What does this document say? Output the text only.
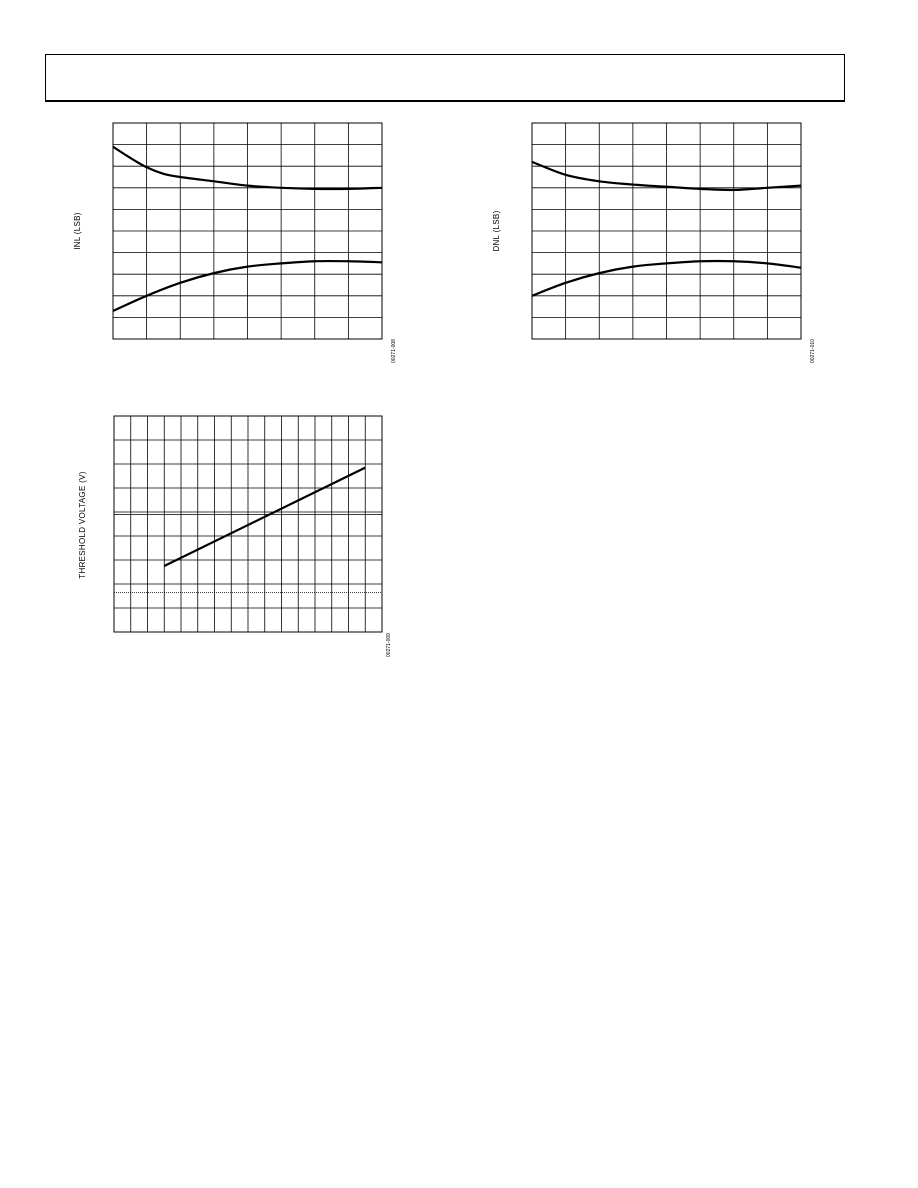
INL (LSB)
00271-008
DNL (LSB)
00271-010
THRESHOLD VOLTAGE (V)
00271-009
